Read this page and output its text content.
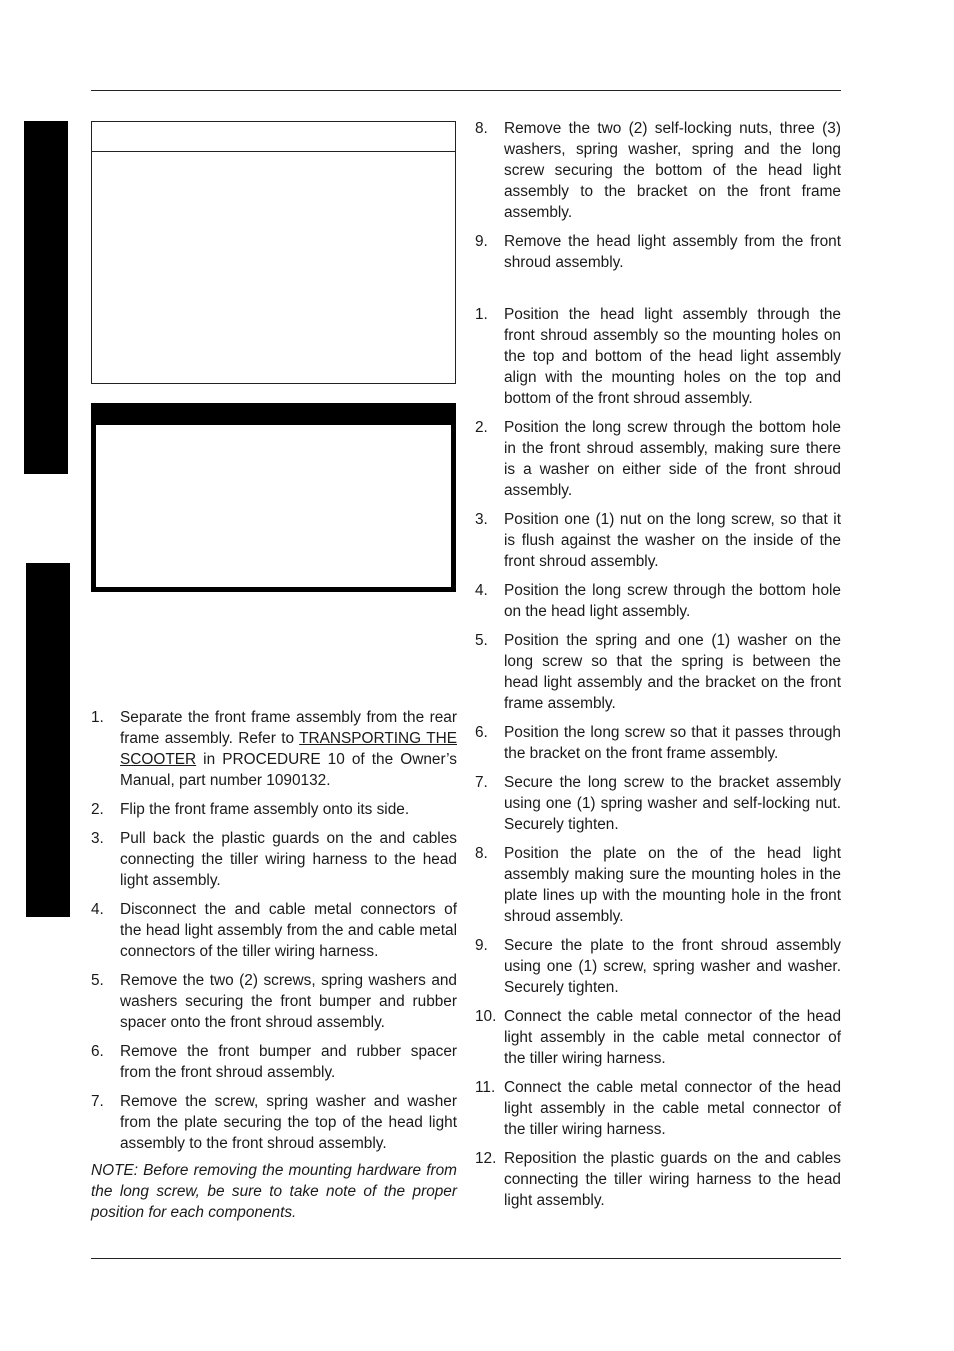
8. Remove the two (2) self-locking nuts, three (3) washers, spring washer, spring and the long screw securing the bottom of the head light assembly to the bracket on the front frame assembly.
9. Remove the head light assembly from the front shroud assembly.
1. Position the head light assembly through the front shroud assembly so the mounting holes on the top and bottom of the head light assembly align with the mounting holes on the top and bottom of the front shroud assembly.
2. Position the long screw through the bottom hole in the front shroud assembly, making sure there is a washer on either side of the front shroud assembly.
3. Position one (1) nut on the long screw, so that it is flush against the washer on the inside of the front shroud assembly.
4. Position the long screw through the bottom hole on the head light assembly.
5. Position the spring and one (1) washer on the long screw so that the spring is between the head light assembly and the bracket on the front frame assembly.
6. Position the long screw so that it passes through the bracket on the front frame assembly.
7. Secure the long screw to the bracket assembly using one (1) spring washer and self-locking nut. Securely tighten.
8. Position the plate on the of the head light assembly making sure the mounting holes in the plate lines up with the mounting hole in the front shroud assembly.
9. Secure the plate to the front shroud assembly using one (1) screw, spring washer and washer. Securely tighten.
10. Connect the cable metal connector of the head light assembly in the cable metal connector of the tiller wiring harness.
11. Connect the cable metal connector of the head light assembly in the cable metal connector of the tiller wiring harness.
12. Reposition the plastic guards on the and cables connecting the tiller wiring harness to the head light assembly.
1. Separate the front frame assembly from the rear frame assembly. Refer to TRANSPORTING THE SCOOTER in PROCEDURE 10 of the Owner’s Manual, part number 1090132.
2. Flip the front frame assembly onto its side.
3. Pull back the plastic guards on the and cables connecting the tiller wiring harness to the head light assembly.
4. Disconnect the and cable metal connectors of the head light assembly from the and cable metal connectors of the tiller wiring harness.
5. Remove the two (2) screws, spring washers and washers securing the front bumper and rubber spacer onto the front shroud assembly.
6. Remove the front bumper and rubber spacer from the front shroud assembly.
7. Remove the screw, spring washer and washer from the plate securing the top of the head light assembly to the front shroud assembly.
NOTE: Before removing the mounting hardware from the long screw, be sure to take note of the proper position for each components.
